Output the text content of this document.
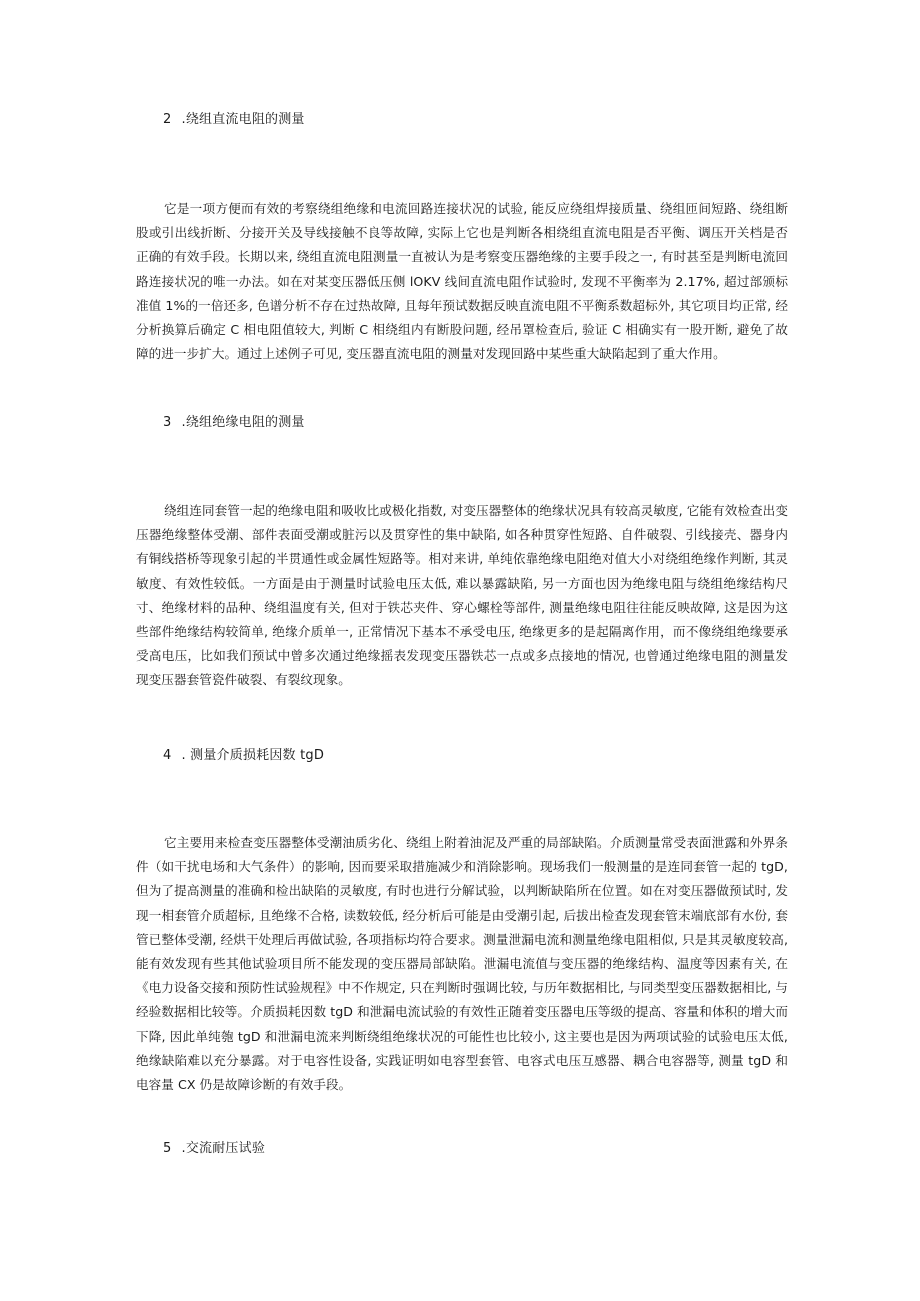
2 .绕组直流电阻的测量

它是一项方便而有效的考察绕组绝缘和电流回路连接状况的试验, 能反应绕组焊接质量、绕组匝间短路、绕组断股或引出线折断、分接开关及导线接触不良等故障, 实际上它也是判断各相绕组直流电阻是否平衡、调压开关档是否正确的有效手段。长期以来, 绕组直流电阻测量一直被认为是考察变压器绝缘的主要手段之一, 有时甚至是判断电流回路连接状况的唯一办法。如在对某变压器低压侧 lOKV 线间直流电阻作试验时, 发现不平衡率为 2.17%, 超过部颁标准值 1%的一倍还多, 色谱分析不存在过热故障, 且每年预试数据反映直流电阻不平衡系数超标外, 其它项目均正常, 经分析换算后确定 C 相电阻值较大, 判断 C 相绕组内有断股问题, 经吊罩检查后, 验证 C 相确实有一股开断, 避免了故障的进一步扩大。通过上述例子可见, 变压器直流电阻的测量对发现回路中某些重大缺陷起到了重大作用。

3 .绕组绝缘电阻的测量

绕组连同套管一起的绝缘电阻和吸收比或极化指数, 对变压器整体的绝缘状况具有较高灵敏度, 它能有效检查出变压器绝缘整体受潮、部件表面受潮或脏污以及贯穿性的集中缺陷, 如各种贯穿性短路、自件破裂、引线接壳、器身内有铜线搭桥等现象引起的半贯通性或金属性短路等。相对来讲, 单纯依靠绝缘电阻绝对值大小对绕组绝缘作判断, 其灵敏度、有效性较低。一方面是由于测量时试验电压太低, 难以暴露缺陷, 另一方面也因为绝缘电阻与绕组绝缘结构尺寸、绝缘材料的品种、绕组温度有关, 但对于铁芯夹件、穿心螺栓等部件, 测量绝缘电阻往往能反映故障, 这是因为这些部件绝缘结构较简单, 绝缘介质单一, 正常情况下基本不承受电压, 绝缘更多的是起隔离作用，而不像绕组绝缘要承受高电压，比如我们预试中曾多次通过绝缘摇表发现变压器铁芯一点或多点接地的情况, 也曾通过绝缘电阻的测量发现变压器套管瓷件破裂、有裂纹现象。

4 . 测量介质损耗因数 tgD

它主要用来检查变压器整体受潮油质劣化、绕组上附着油泥及严重的局部缺陷。介质测量常受表面泄露和外界条件（如干扰电场和大气条件）的影响, 因而要采取措施减少和消除影响。现场我们一般测量的是连同套管一起的 tgD,但为了提高测量的准确和检出缺陷的灵敏度, 有时也进行分解试验，以判断缺陷所在位置。如在对变压器做预试时, 发现一相套管介质超标, 且绝缘不合格, 读数较低, 经分析后可能是由受潮引起, 后拔出检查发现套管末端底部有水份, 套管已整体受潮, 经烘干处理后再做试验, 各项指标均符合要求。测量泄漏电流和测量绝缘电阻相似, 只是其灵敏度较高, 能有效发现有些其他试验项目所不能发现的变压器局部缺陷。泄漏电流值与变压器的绝缘结构、温度等因素有关, 在《电力设备交接和预防性试验规程》中不作规定, 只在判断时强调比较, 与历年数据相比, 与同类型变压器数据相比, 与经验数据相比较等。介质损耗因数 tgD 和泄漏电流试验的有效性正随着变压器电压等级的提高、容量和体积的增大而下降, 因此单纯匏 tgD 和泄漏电流来判断绕组绝缘状况的可能性也比较小, 这主要也是因为两项试验的试验电压太低, 绝缘缺陷难以充分暴露。对于电容性设备, 实践证明如电容型套管、电容式电压互感器、耦合电容器等, 测量 tgD 和电容量 CX 仍是故障诊断的有效手段。

5 .交流耐压试验
